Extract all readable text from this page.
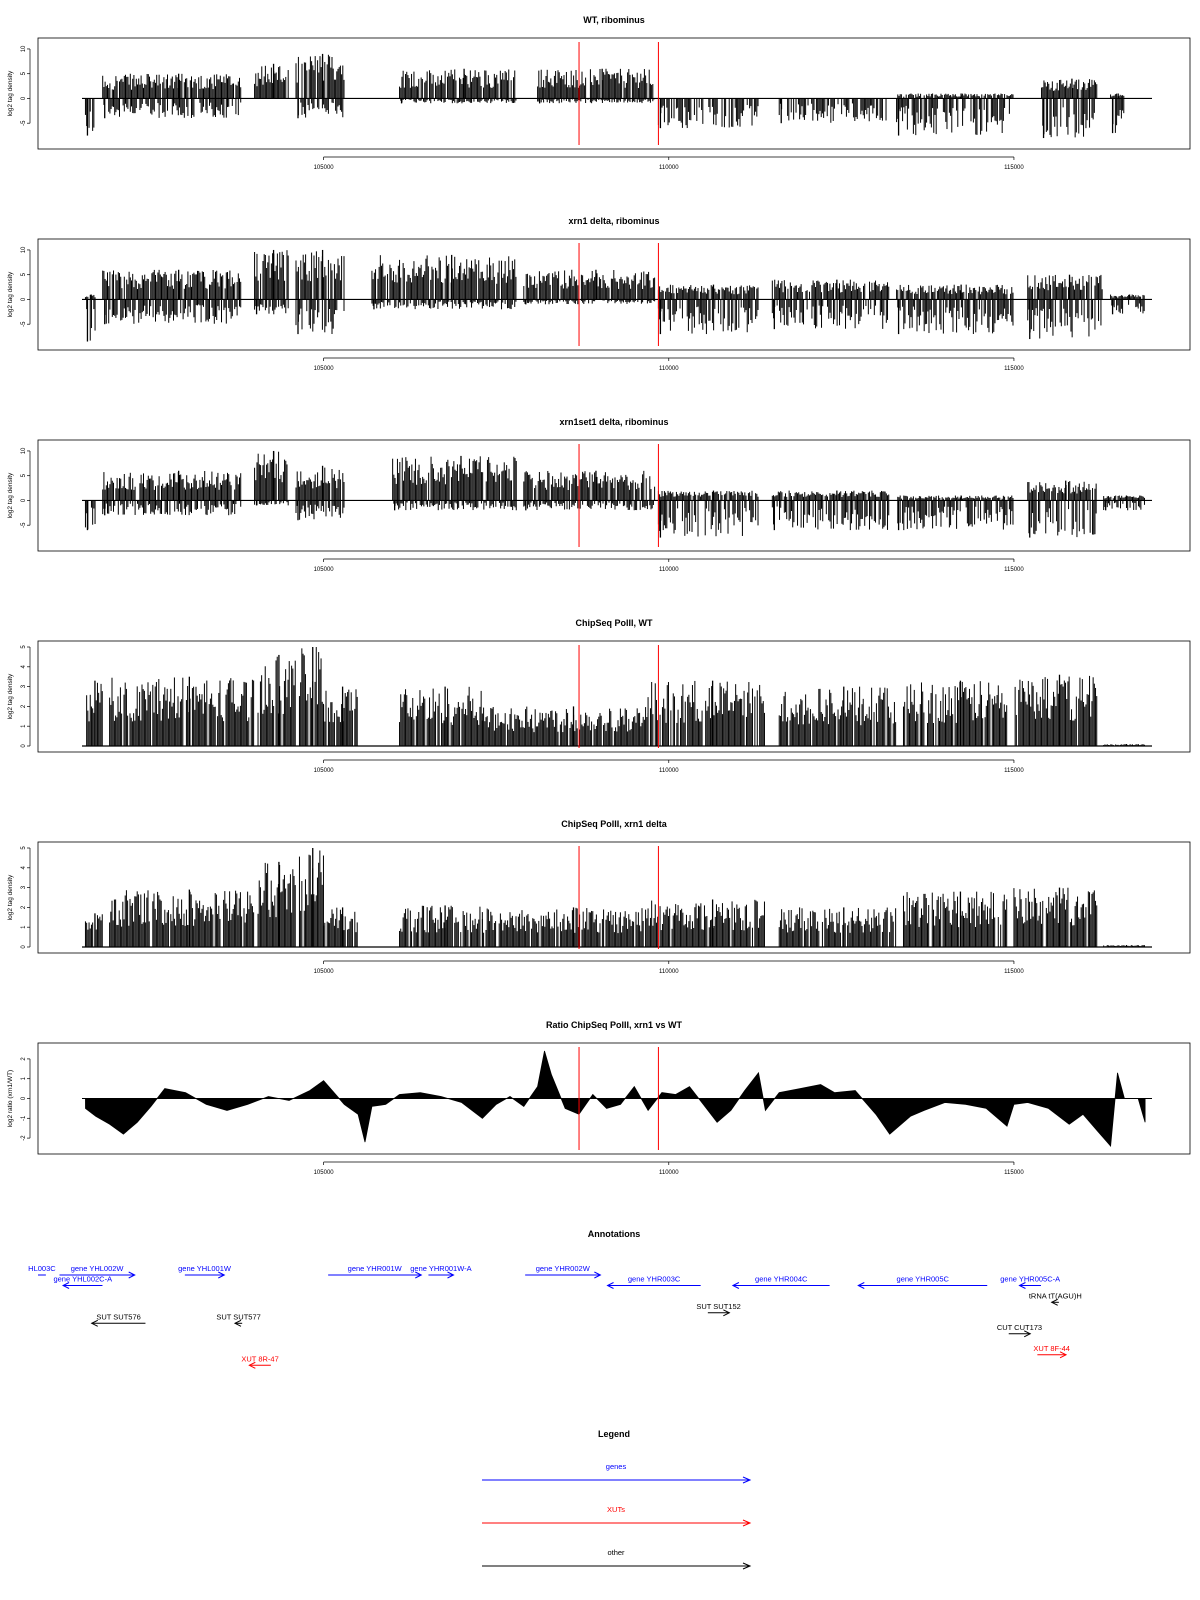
WT, ribominus
-5
0
5
10
log2 tag density
105000	110000	115000
xrn1 delta, ribominus
-5
0
5
10
log2 tag density
105000	110000	115000
xrn1set1 delta, ribominus
-5
0
5
10
log2 tag density
105000	110000	115000
ChipSeq PolII, WT
0
1
2
3
4
5
log2 tag density
105000	110000	115000
ChipSeq PolII, xrn1 delta
0
1
2
3
4
5
log2 tag density
105000	110000	115000
Ratio ChipSeq PolII, xrn1 vs WT
-2
-1
0
1
2
log2 ratio (xrn1/WT)
105000	110000	115000
Annotations
HL003C gene YHL002W
gene YHL002C-A
gene YHL001W	gene YHR001W gene YHR001W-A	gene YHR002W
gene YHR003C	gene YHR004C	gene YHR005C	gene YHR005C-A
tRNA tT(AGU)H
SUT SUT576	SUT SUT577
SUT SUT152
CUT CUT173
XUT 8R-47
XUT 8F-44
Legend
genes
XUTs
other
